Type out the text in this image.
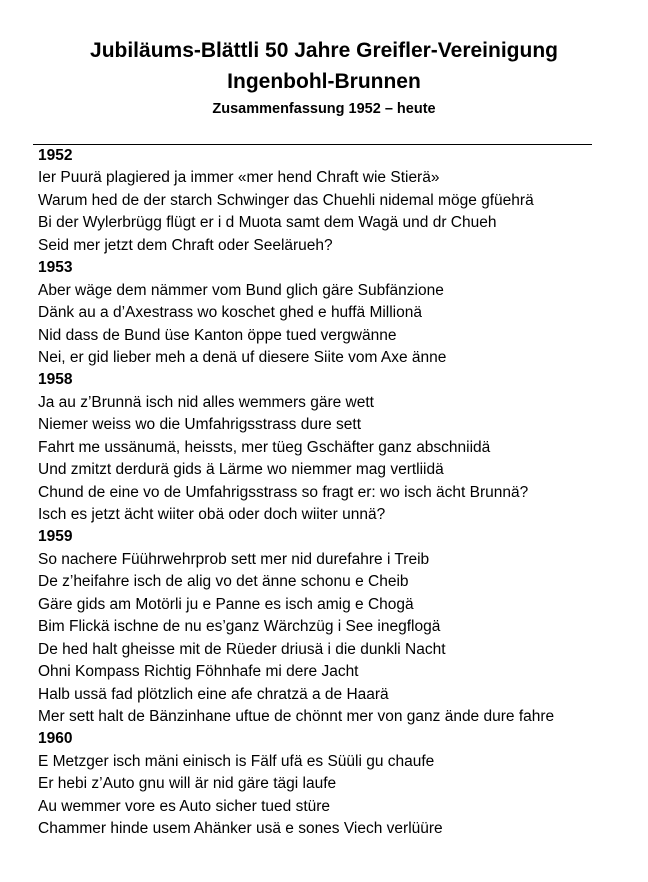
Jubiläums-Blättli 50 Jahre Greifler-Vereinigung
Ingenbohl-Brunnen
Zusammenfassung 1952 – heute
1952
Ier Puurä plagiered ja immer «mer hend Chraft wie Stierä»
Warum hed de der starch Schwinger das Chuehli nidemal möge gfüehrä
Bi der Wylerbrügg flügt er i d Muota samt dem Wagä und dr Chueh
Seid mer jetzt dem Chraft oder Seelärueh?
1953
Aber wäge dem nämmer vom Bund glich gäre Subfänzione
Dänk au a d’Axestrass wo koschet ghed e huffä Millionä
Nid dass de Bund üse Kanton öppe tued vergwänne
Nei, er gid lieber meh a denä uf diesere Siite vom Axe änne
1958
Ja au z’Brunnä isch nid alles wemmers gäre wett
Niemer weiss wo die Umfahrigsstrass dure sett
Fahrt me ussänumä, heissts, mer tüeg Gschäfter ganz abschniidä
Und zmitzt derdurä gids ä Lärme wo niemmer mag vertliidä
Chund de eine vo de Umfahrigsstrass so fragt er: wo isch ächt Brunnä?
Isch es jetzt ächt wiiter obä oder doch wiiter unnä?
1959
So nachere Füührwehrprob sett mer nid durefahre i Treib
De z’heifahre isch de alig vo det änne schonu e Cheib
Gäre gids am Motörli ju e Panne es isch amig e Chogä
Bim Flickä ischne de nu es’ganz Wärchzüg i See inegflogä
De hed halt gheisse mit de Rüeder driusä i die dunkli Nacht
Ohni Kompass Richtig Föhnhafe mi dere Jacht
Halb ussä fad plötzlich eine afe chratzä a de Haarä
Mer sett halt de Bänzinhane uftue de chönnt mer von ganz ände dure fahre
1960
E Metzger isch mäni einisch is Fälf ufä es Süüli gu chaufe
Er hebi z’Auto gnu will är nid gäre tägi laufe
Au wemmer vore es Auto sicher tued stüre
Chammer hinde usem Ahänker usä e sones Viech verlüüre
